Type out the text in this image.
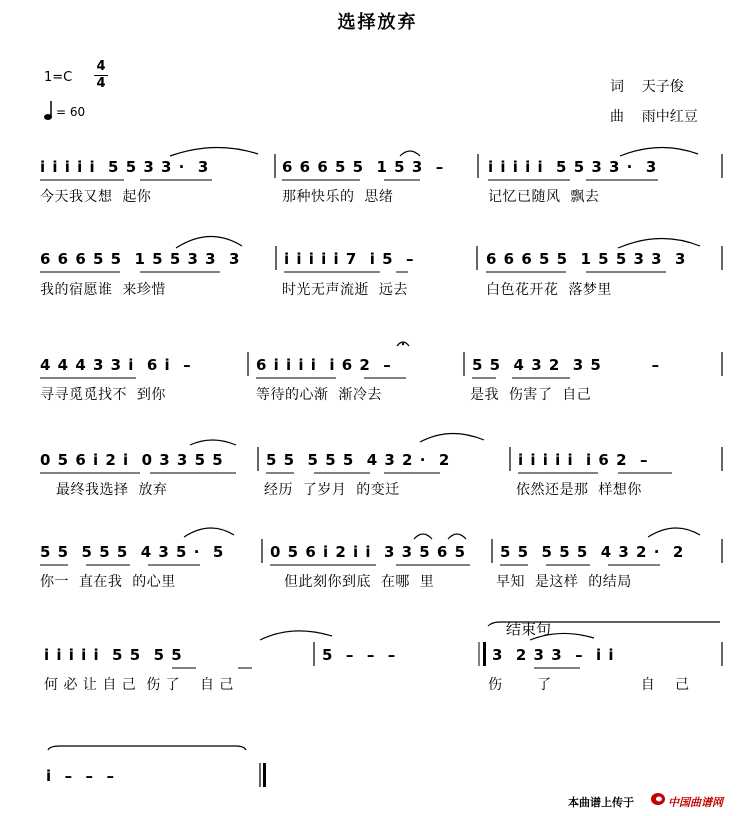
选择放弃
1=C
4
4
= 60
词    天子俊
曲    雨中红豆
i i i i i  5 5 3 3 ·  3	6 6 6 5 5  1 5 3  –	i i i i i  5 5 3 3 ·  3
今天我又想  起你	那种快乐的  思绪	记忆已随风  飘去
6 6 6 5 5  1 5 5 3 3  3	i i i i i 7  i 5  –	6 6 6 5 5  1 5 5 3 3  3
我的宿愿谁  来珍惜	时光无声流逝  远去	白色花开花  落梦里
4 4 4 3 3 i  6 i  –	6 i i i i  i 6 2  –	5 5  4 3 2  3 5        –
寻寻觅觅找不  到你	等待的心渐  渐冷去	是我  伤害了  自己
0 5 6 i 2 i  0 3 3 5 5	5 5  5 5 5  4 3 2 ·  2	i i i i i  i 6 2  –
最终我选择  放弃	经历  了岁月  的变迁	依然还是那  样想你
5 5  5 5 5  4 3 5 ·  5	0 5 6 i 2 i i  3 3 5 6 5 5 5  5 5 5  4 3 2 ·  2
你一  直在我  的心里	但此刻你到底  在哪  里	早知  是这样  的结局
i i i i i  5 5  5 5	5  –  –  –	3  2 3 3  –  i i
何 必 让 自 己  伤 了    自 己	伤       了                  自    己
结束句
i  –  –  –
本曲谱上传于	中国曲谱网
